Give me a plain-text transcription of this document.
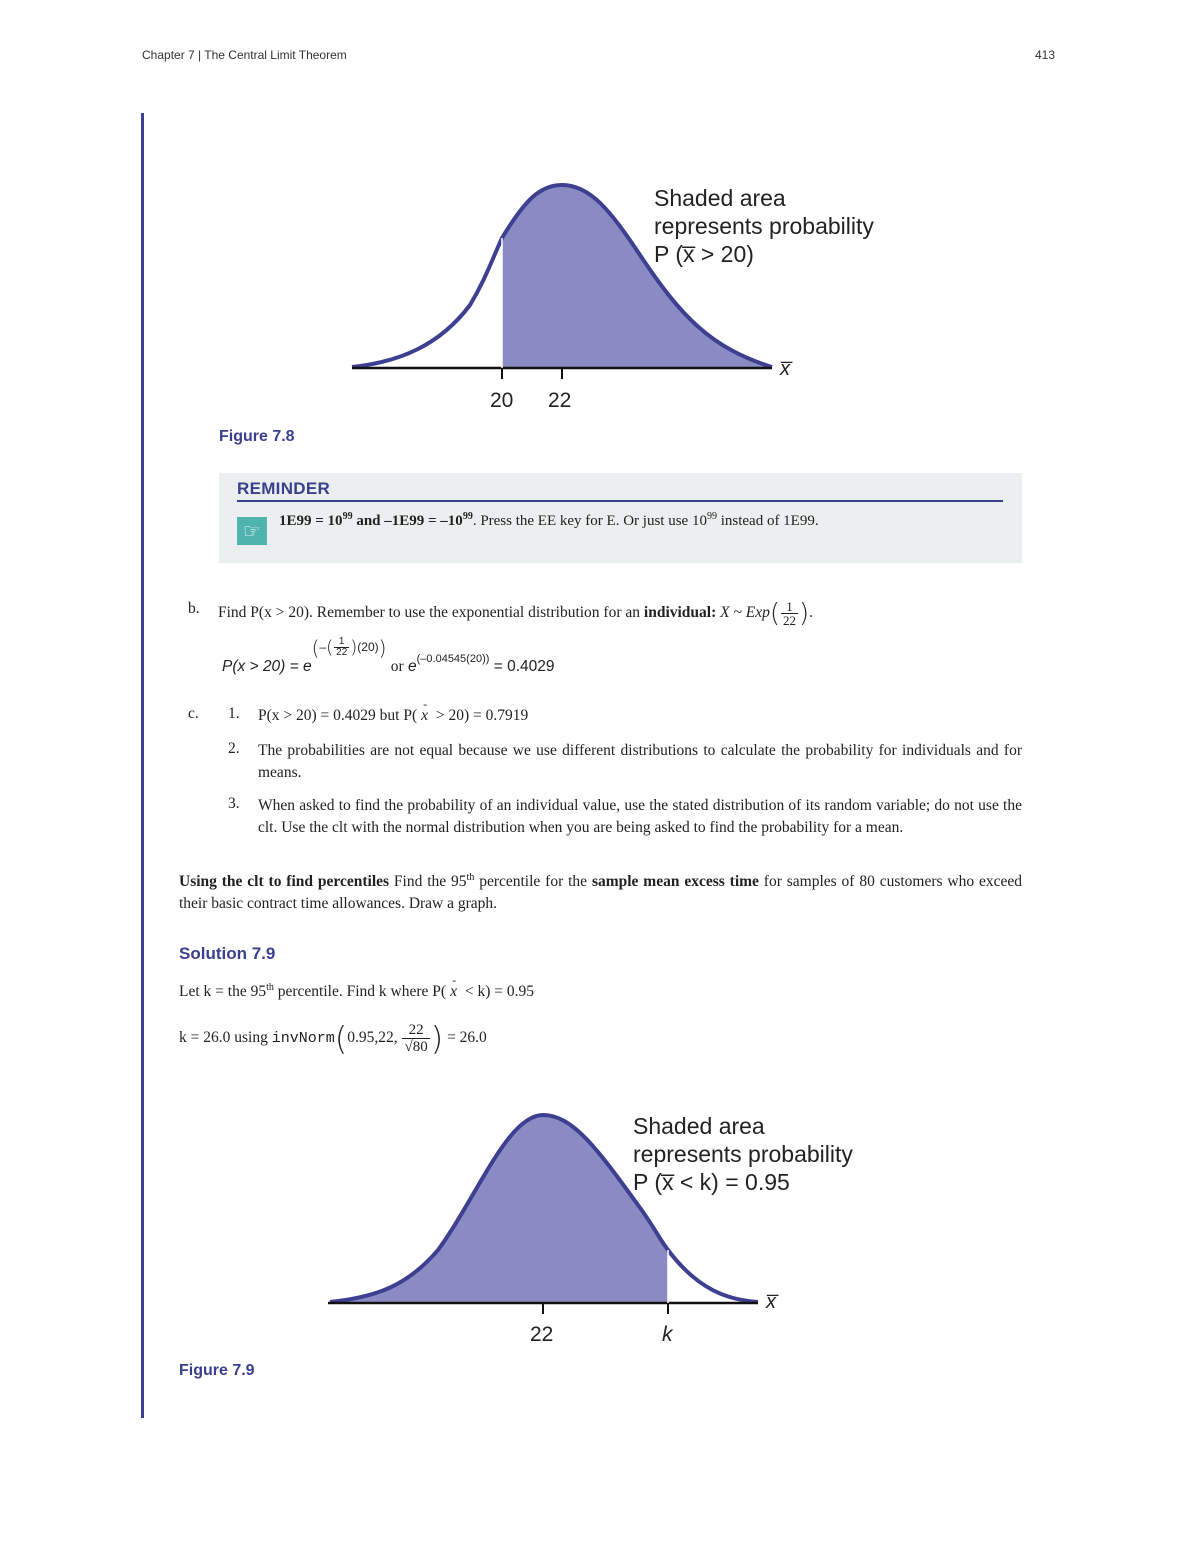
Chapter 7 | The Central Limit Theorem	413
20 22
x̅
Shaded area
represents probability
P (x̅ > 20)
Figure 7.8
REMINDER
☞	$1E99 = 10^{99}$ and $-1E99 = -10^{99}$. Press the EE key for E. Or just use $10^{99}$ instead of 1E99.
b. Find P(x > 20). Remember to use the exponential distribution for an individual: X ~ $Exp( \frac{1}{22}$ ).
$P(x > 20) = e^{(-( \frac{1}{22} )(20))}$ or $e^{(-0.04545(20))} = 0.4029$
c. 1. P(x > 20) = 0.4029 but P( - x > 20) = 0.7919
2. The probabilities are not equal because we use different distributions to calculate the probability for individuals and for means.
3. When asked to find the probability of an individual value, use the stated distribution of its random variable; do not use the clt. Use the clt with the normal distribution when you are being asked to find the probability for a mean.
Using the clt to find percentiles Find the 95th percentile for the sample mean excess time for samples of 80 customers who exceed their basic contract time allowances. Draw a graph.
Solution 7.9
Let k = the 95th percentile. Find k where P( - x < k) = 0.95
k = 26.0 using invNorm(0.95,22, $\frac{22}{√80}$ ) = 26.0
22	k
x̅
Shaded area
represents probability
P (x̅ < k) = 0.95
Figure 7.9
